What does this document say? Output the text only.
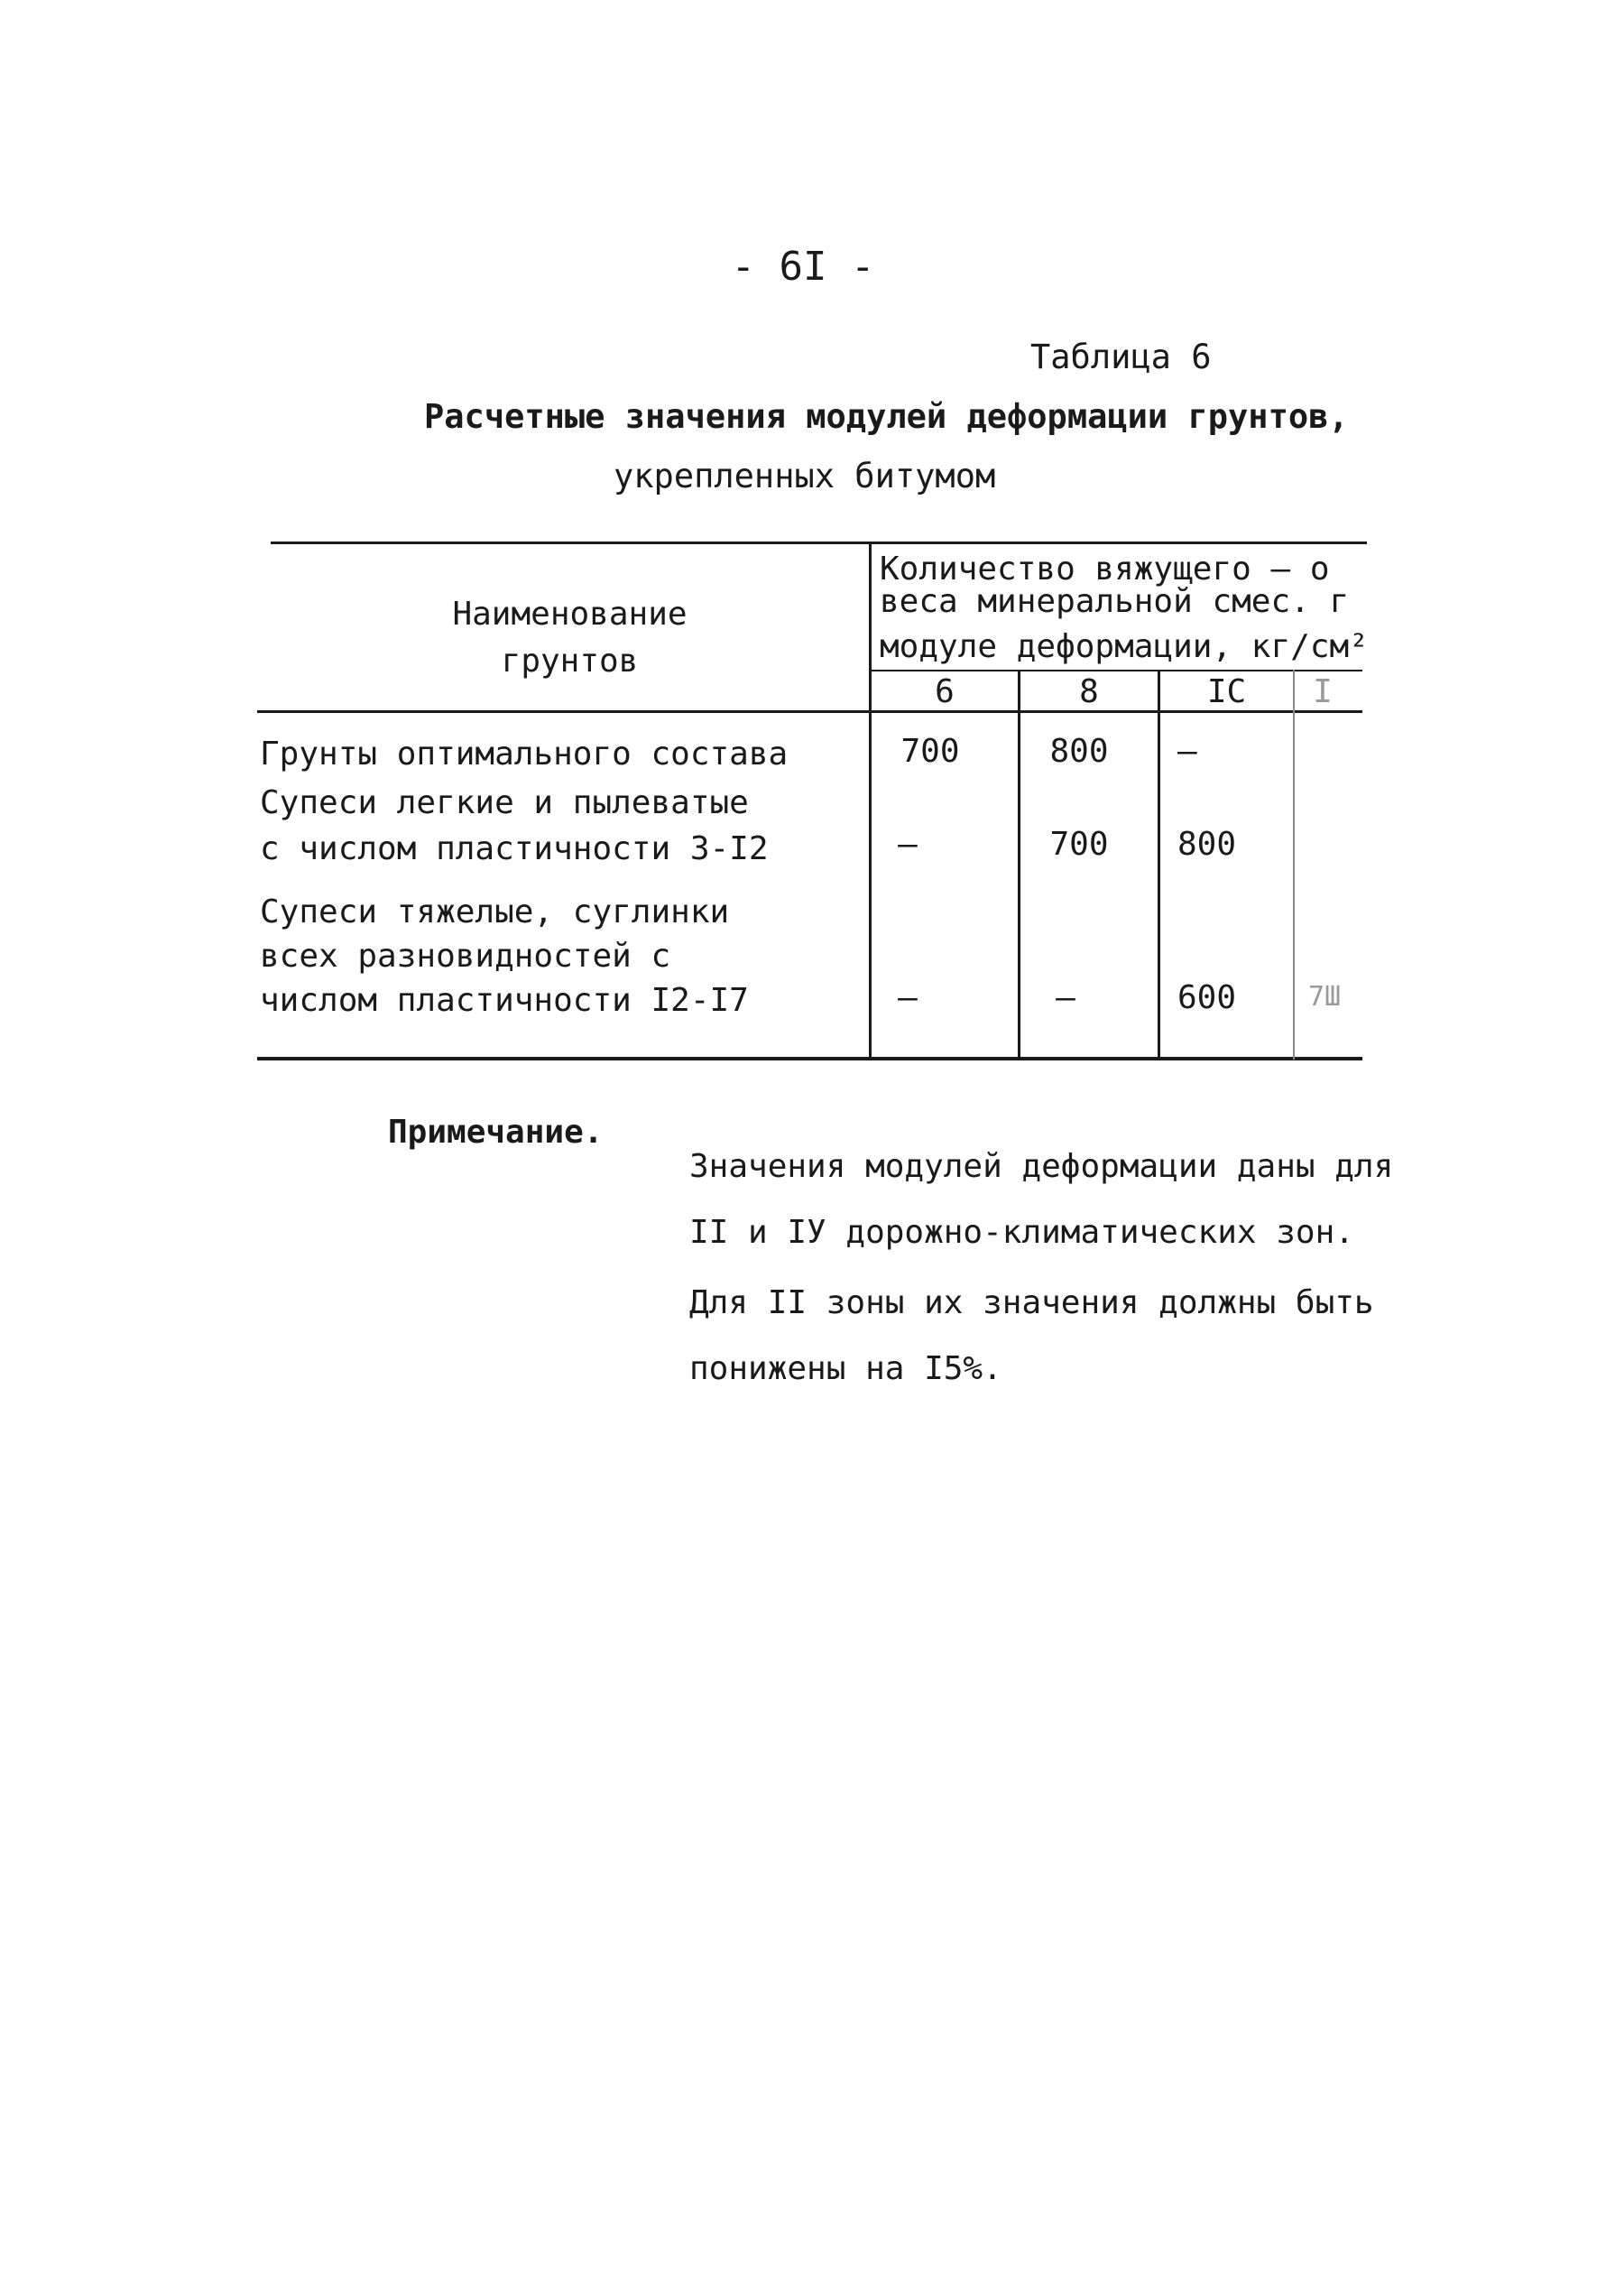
- 6I -
Таблица 6
Расчетные значения модулей деформации грунтов,
укрепленных битумом
Наименование
грунтов
Количество вяжущего – о
веса минеральной смес. г
модуле деформации, кг/см²
6	8	IC	I
Грунты оптимального состава	700	800	–
Супеси легкие и пылеватые
с числом пластичности 3-I2	–	700	800
Супеси тяжелые, суглинки
всех разновидностей с
числом пластичности I2-I7	–	–	600	7Ш
Примечание.
Значения модулей деформации даны для
II и IУ дорожно-климатических зон.
Для II зоны их значения должны быть
понижены на I5%.
